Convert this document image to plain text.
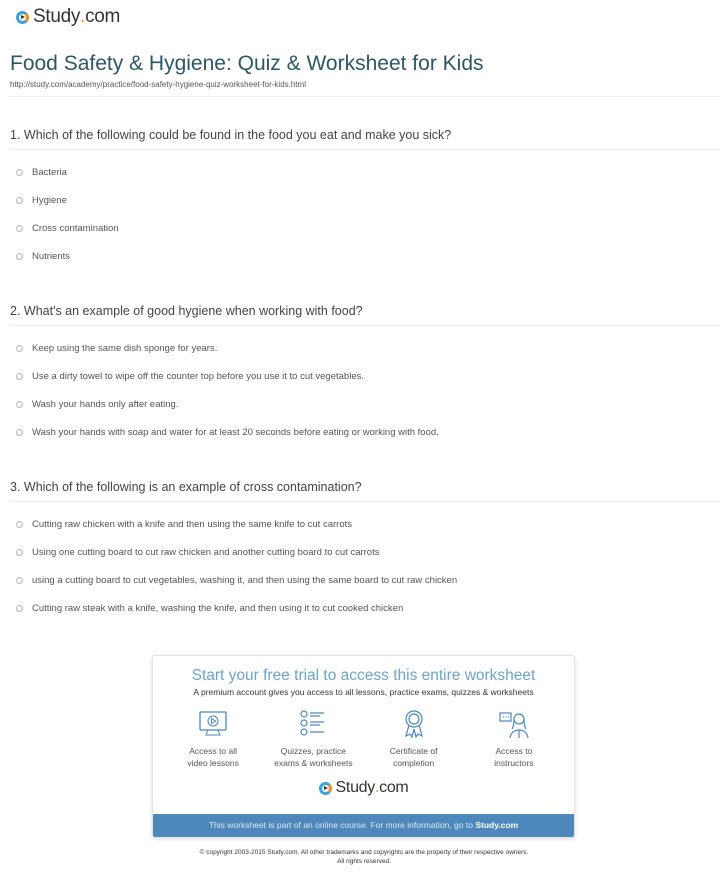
Study . com
Food Safety & Hygiene: Quiz & Worksheet for Kids
http://study.com/academy/practice/food-safety-hygiene-quiz-worksheet-for-kids.html
1. Which of the following could be found in the food you eat and make you sick?
Bacteria
Hygiene
Cross contamination
Nutrients
2. What's an example of good hygiene when working with food?
Keep using the same dish sponge for years.
Use a dirty towel to wipe off the counter top before you use it to cut vegetables.
Wash your hands only after eating.
Wash your hands with soap and water for at least 20 seconds before eating or working with food.
3. Which of the following is an example of cross contamination?
Cutting raw chicken with a knife and then using the same knife to cut carrots
Using one cutting board to cut raw chicken and another cutting board to cut carrots
using a cutting board to cut vegetables, washing it, and then using the same board to cut raw chicken
Cutting raw steak with a knife, washing the knife, and then using it to cut cooked chicken
Start your free trial to access this entire worksheet
A premium account gives you access to all lessons, practice exams, quizzes & worksheets
Access to all
video lessons
Quizzes, practice
exams & worksheets
Certificate of
completion
Access to
instructors
Study . com
This worksheet is part of an online course. For more information, go to Study.com
© copyright 2003-2015 Study.com. All other trademarks and copyrights are the property of their respective owners.
All rights reserved.
